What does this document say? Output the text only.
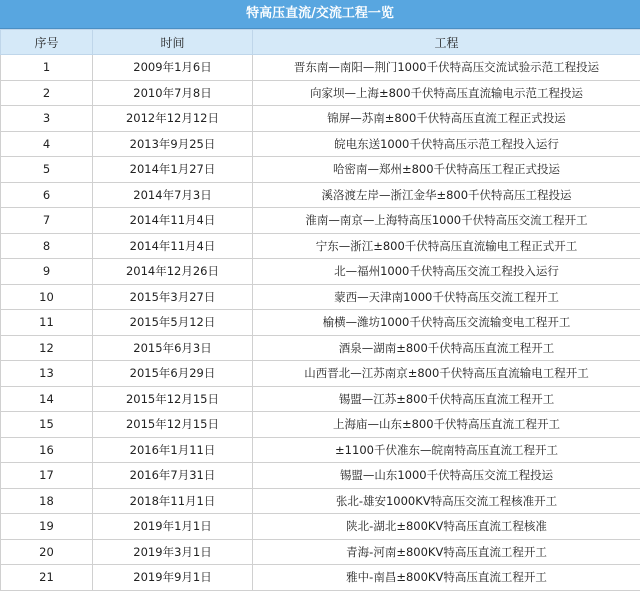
特高压直流/交流工程一览
序号	时间	工程
1	2009年1月6日	晋东南—南阳—荆门1000千伏特高压交流试验示范工程投运
2	2010年7月8日	向家坝—上海±800千伏特高压直流输电示范工程投运
3	2012年12月12日	锦屏—苏南±800千伏特高压直流工程正式投运
4	2013年9月25日	皖电东送1000千伏特高压示范工程投入运行
5	2014年1月27日	哈密南—郑州±800千伏特高压工程正式投运
6	2014年7月3日	溪洛渡左岸—浙江金华±800千伏特高压工程投运
7	2014年11月4日	淮南—南京—上海特高压1000千伏特高压交流工程开工
8	2014年11月4日	宁东—浙江±800千伏特高压直流输电工程正式开工
9	2014年12月26日	北—福州1000千伏特高压交流工程投入运行
10	2015年3月27日	蒙西—天津南1000千伏特高压交流工程开工
11	2015年5月12日	榆横—潍坊1000千伏特高压交流输变电工程开工
12	2015年6月3日	酒泉—湖南±800千伏特高压直流工程开工
13	2015年6月29日	山西晋北—江苏南京±800千伏特高压直流输电工程开工
14	2015年12月15日	锡盟—江苏±800千伏特高压直流工程开工
15	2015年12月15日	上海庙—山东±800千伏特高压直流工程开工
16	2016年1月11日	±1100千伏准东—皖南特高压直流工程开工
17	2016年7月31日	锡盟—山东1000千伏特高压交流工程投运
18	2018年11月1日	张北-雄安1000KV特高压交流工程核准开工
19	2019年1月1日	陕北-湖北±800KV特高压直流工程核准
20	2019年3月1日	青海-河南±800KV特高压直流工程开工
21	2019年9月1日	雅中-南昌±800KV特高压直流工程开工
